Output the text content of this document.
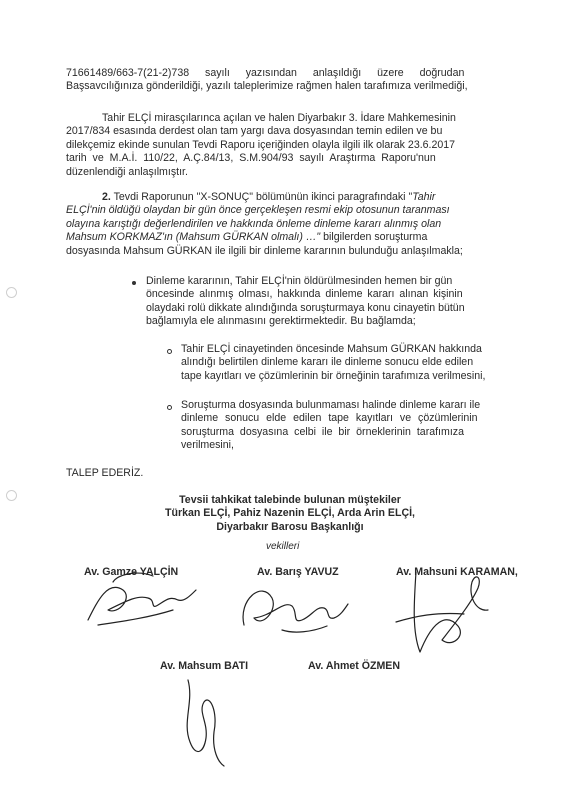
71661489/663-7(21-2)738 sayılı yazısından anlaşıldığı üzere doğrudan
Başsavcılığınıza gönderildiği, yazılı taleplerimize rağmen halen tarafımıza verilmediği,
Tahir ELÇİ mirasçılarınca açılan ve halen Diyarbakır 3. İdare Mahkemesinin
2017/834 esasında derdest olan tam yargı dava dosyasından temin edilen ve bu
dilekçemiz ekinde sunulan Tevdi Raporu içeriğinden olayla ilgili ilk olarak 23.6.2017
tarih ve M.A.İ. 110/22, A.Ç.84/13, S.M.904/93 sayılı Araştırma Raporu'nun
düzenlendiği anlaşılmıştır.
2. Tevdi Raporunun "X-SONUÇ" bölümünün ikinci paragrafındaki "Tahir
ELÇİ'nin öldüğü olaydan bir gün önce gerçekleşen resmi ekip otosunun taranması
olayına karıştığı değerlendirilen ve hakkında önleme dinleme kararı alınmış olan
Mahsum KORKMAZ'ın (Mahsum GÜRKAN olmalı) …" bilgilerden soruşturma
dosyasında Mahsum GÜRKAN ile ilgili bir dinleme kararının bulunduğu anlaşılmakla;
Dinleme kararının, Tahir ELÇİ'nin öldürülmesinden hemen bir gün
öncesinde alınmış olması, hakkında dinleme kararı alınan kişinin
olaydaki rolü dikkate alındığında soruşturmaya konu cinayetin bütün
bağlamıyla ele alınmasını gerektirmektedir. Bu bağlamda;
Tahir ELÇİ cinayetinden öncesinde Mahsum GÜRKAN hakkında
alındığı belirtilen dinleme kararı ile dinleme sonucu elde edilen
tape kayıtları ve çözümlerinin bir örneğinin tarafımıza verilmesini,
Soruşturma dosyasında bulunmaması halinde dinleme kararı ile
dinleme sonucu elde edilen tape kayıtları ve çözümlerinin
soruşturma dosyasına celbi ile bir örneklerinin tarafımıza
verilmesini,
TALEP EDERİZ.
Tevsii tahkikat talebinde bulunan müştekiler
Türkan ELÇİ, Pahiz Nazenin ELÇİ, Arda Arin ELÇİ,
Diyarbakır Barosu Başkanlığı
vekilleri
Av. Gamze YALÇİN	Av. Barış YAVUZ	Av. Mahsuni KARAMAN,
Av. Mahsum BATI	Av. Ahmet ÖZMEN
